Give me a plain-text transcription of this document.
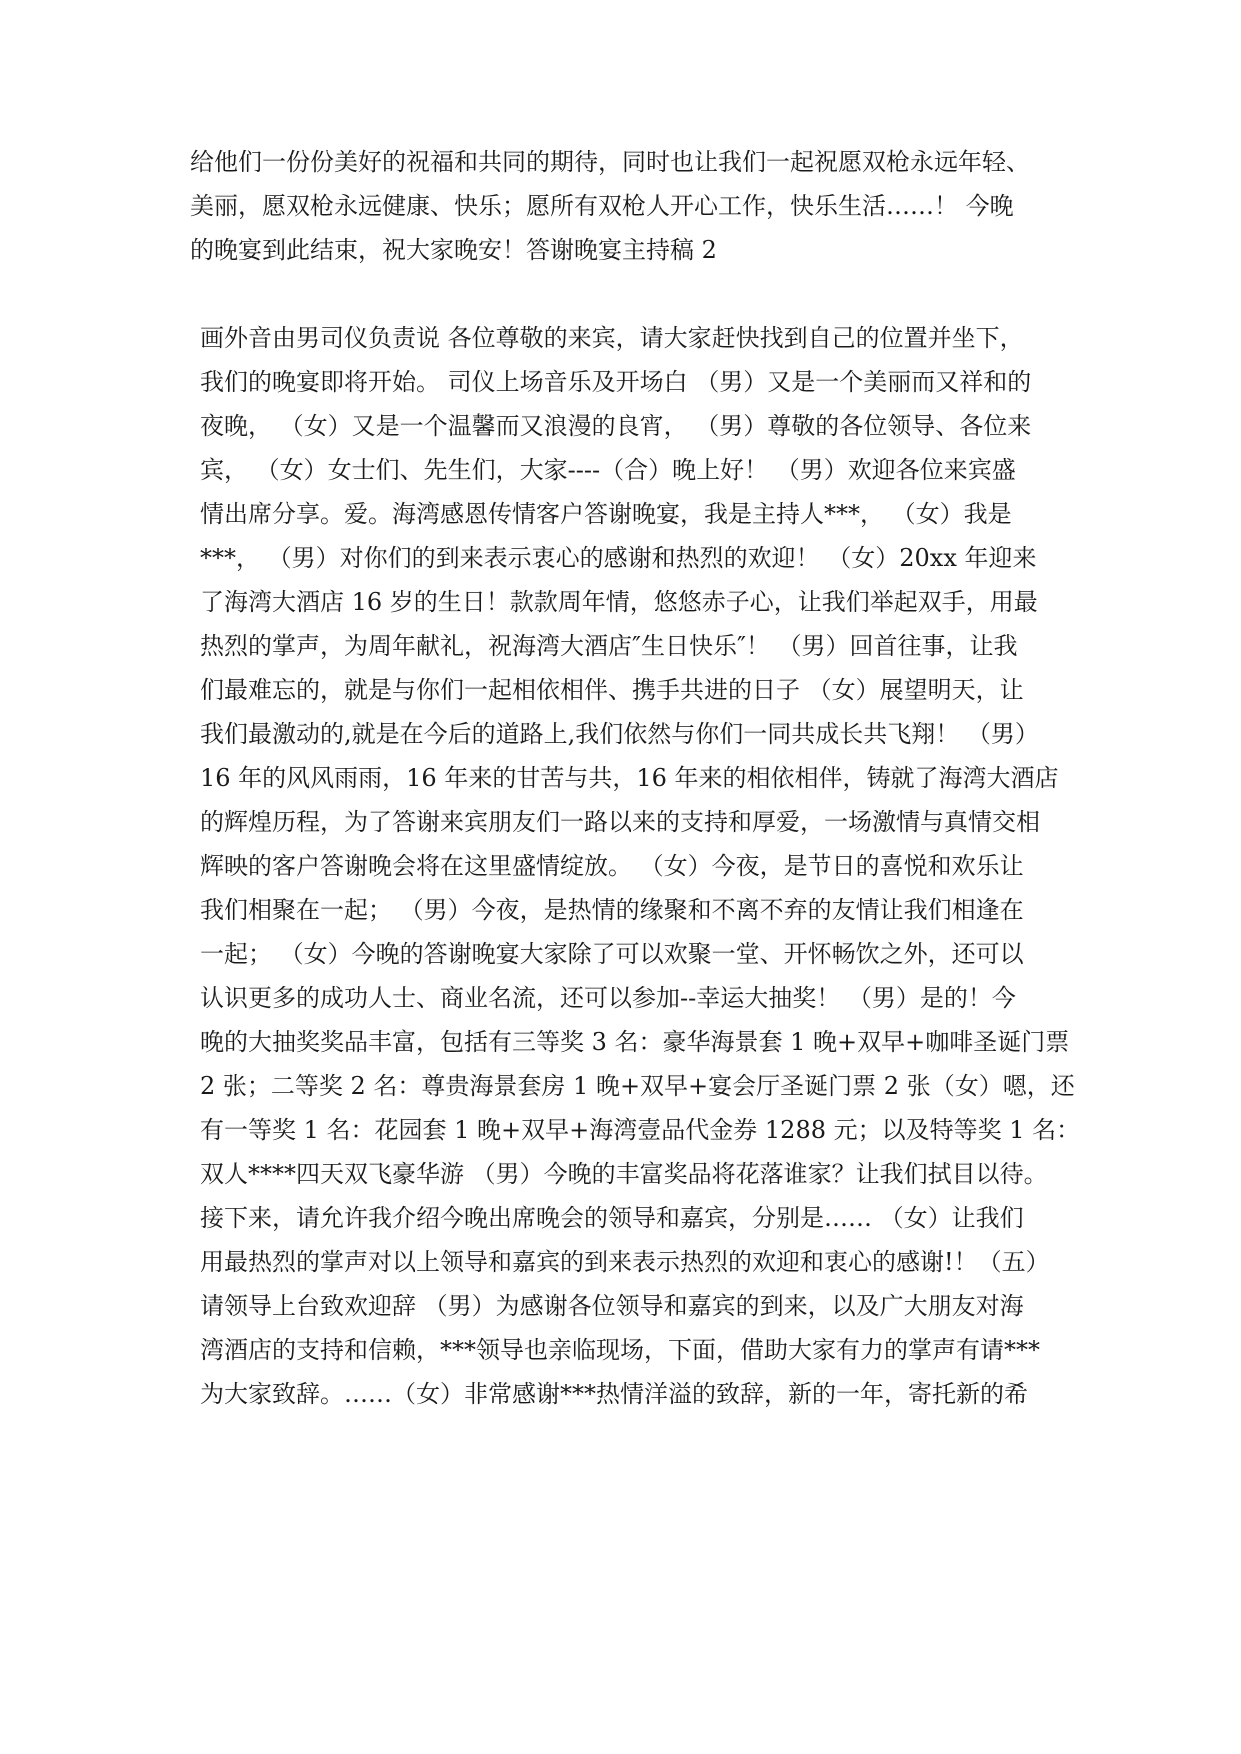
给他们一份份美好的祝福和共同的期待，同时也让我们一起祝愿双枪永远年轻、
美丽，愿双枪永远健康、快乐；愿所有双枪人开心工作，快乐生活……！ 今晚
的晚宴到此结束，祝大家晚安！答谢晚宴主持稿 2
画外音由男司仪负责说 各位尊敬的来宾，请大家赶快找到自己的位置并坐下，
我们的晚宴即将开始。 司仪上场音乐及开场白 （男）又是一个美丽而又祥和的
夜晚， （女）又是一个温馨而又浪漫的良宵， （男）尊敬的各位领导、各位来
宾， （女）女士们、先生们，大家----（合）晚上好！ （男）欢迎各位来宾盛
情出席分享。爱。海湾感恩传情客户答谢晚宴，我是主持人***， （女）我是
***， （男）对你们的到来表示衷心的感谢和热烈的欢迎！ （女）20xx 年迎来
了海湾大酒店 16 岁的生日！款款周年情，悠悠赤子心，让我们举起双手，用最
热烈的掌声，为周年献礼，祝海湾大酒店″生日快乐″！ （男）回首往事，让我
们最难忘的，就是与你们一起相依相伴、携手共进的日子 （女）展望明天，让
我们最激动的,就是在今后的道路上,我们依然与你们一同共成长共飞翔！ （男）
16 年的风风雨雨，16 年来的甘苦与共，16 年来的相依相伴，铸就了海湾大酒店
的辉煌历程，为了答谢来宾朋友们一路以来的支持和厚爱，一场激情与真情交相
辉映的客户答谢晚会将在这里盛情绽放。 （女）今夜，是节日的喜悦和欢乐让
我们相聚在一起； （男）今夜，是热情的缘聚和不离不弃的友情让我们相逢在
一起； （女）今晚的答谢晚宴大家除了可以欢聚一堂、开怀畅饮之外，还可以
认识更多的成功人士、商业名流，还可以参加--幸运大抽奖！ （男）是的！今
晚的大抽奖奖品丰富，包括有三等奖 3 名：豪华海景套 1 晚+双早+咖啡圣诞门票
2 张；二等奖 2 名：尊贵海景套房 1 晚+双早+宴会厅圣诞门票 2 张（女）嗯，还
有一等奖 1 名：花园套 1 晚+双早+海湾壹品代金券 1288 元；以及特等奖 1 名：
双人****四天双飞豪华游 （男）今晚的丰富奖品将花落谁家？让我们拭目以待。
接下来，请允许我介绍今晚出席晚会的领导和嘉宾，分别是…… （女）让我们
用最热烈的掌声对以上领导和嘉宾的到来表示热烈的欢迎和衷心的感谢!！（五）
请领导上台致欢迎辞 （男）为感谢各位领导和嘉宾的到来，以及广大朋友对海
湾酒店的支持和信赖，***领导也亲临现场，下面，借助大家有力的掌声有请***
为大家致辞。……（女）非常感谢***热情洋溢的致辞，新的一年，寄托新的希
